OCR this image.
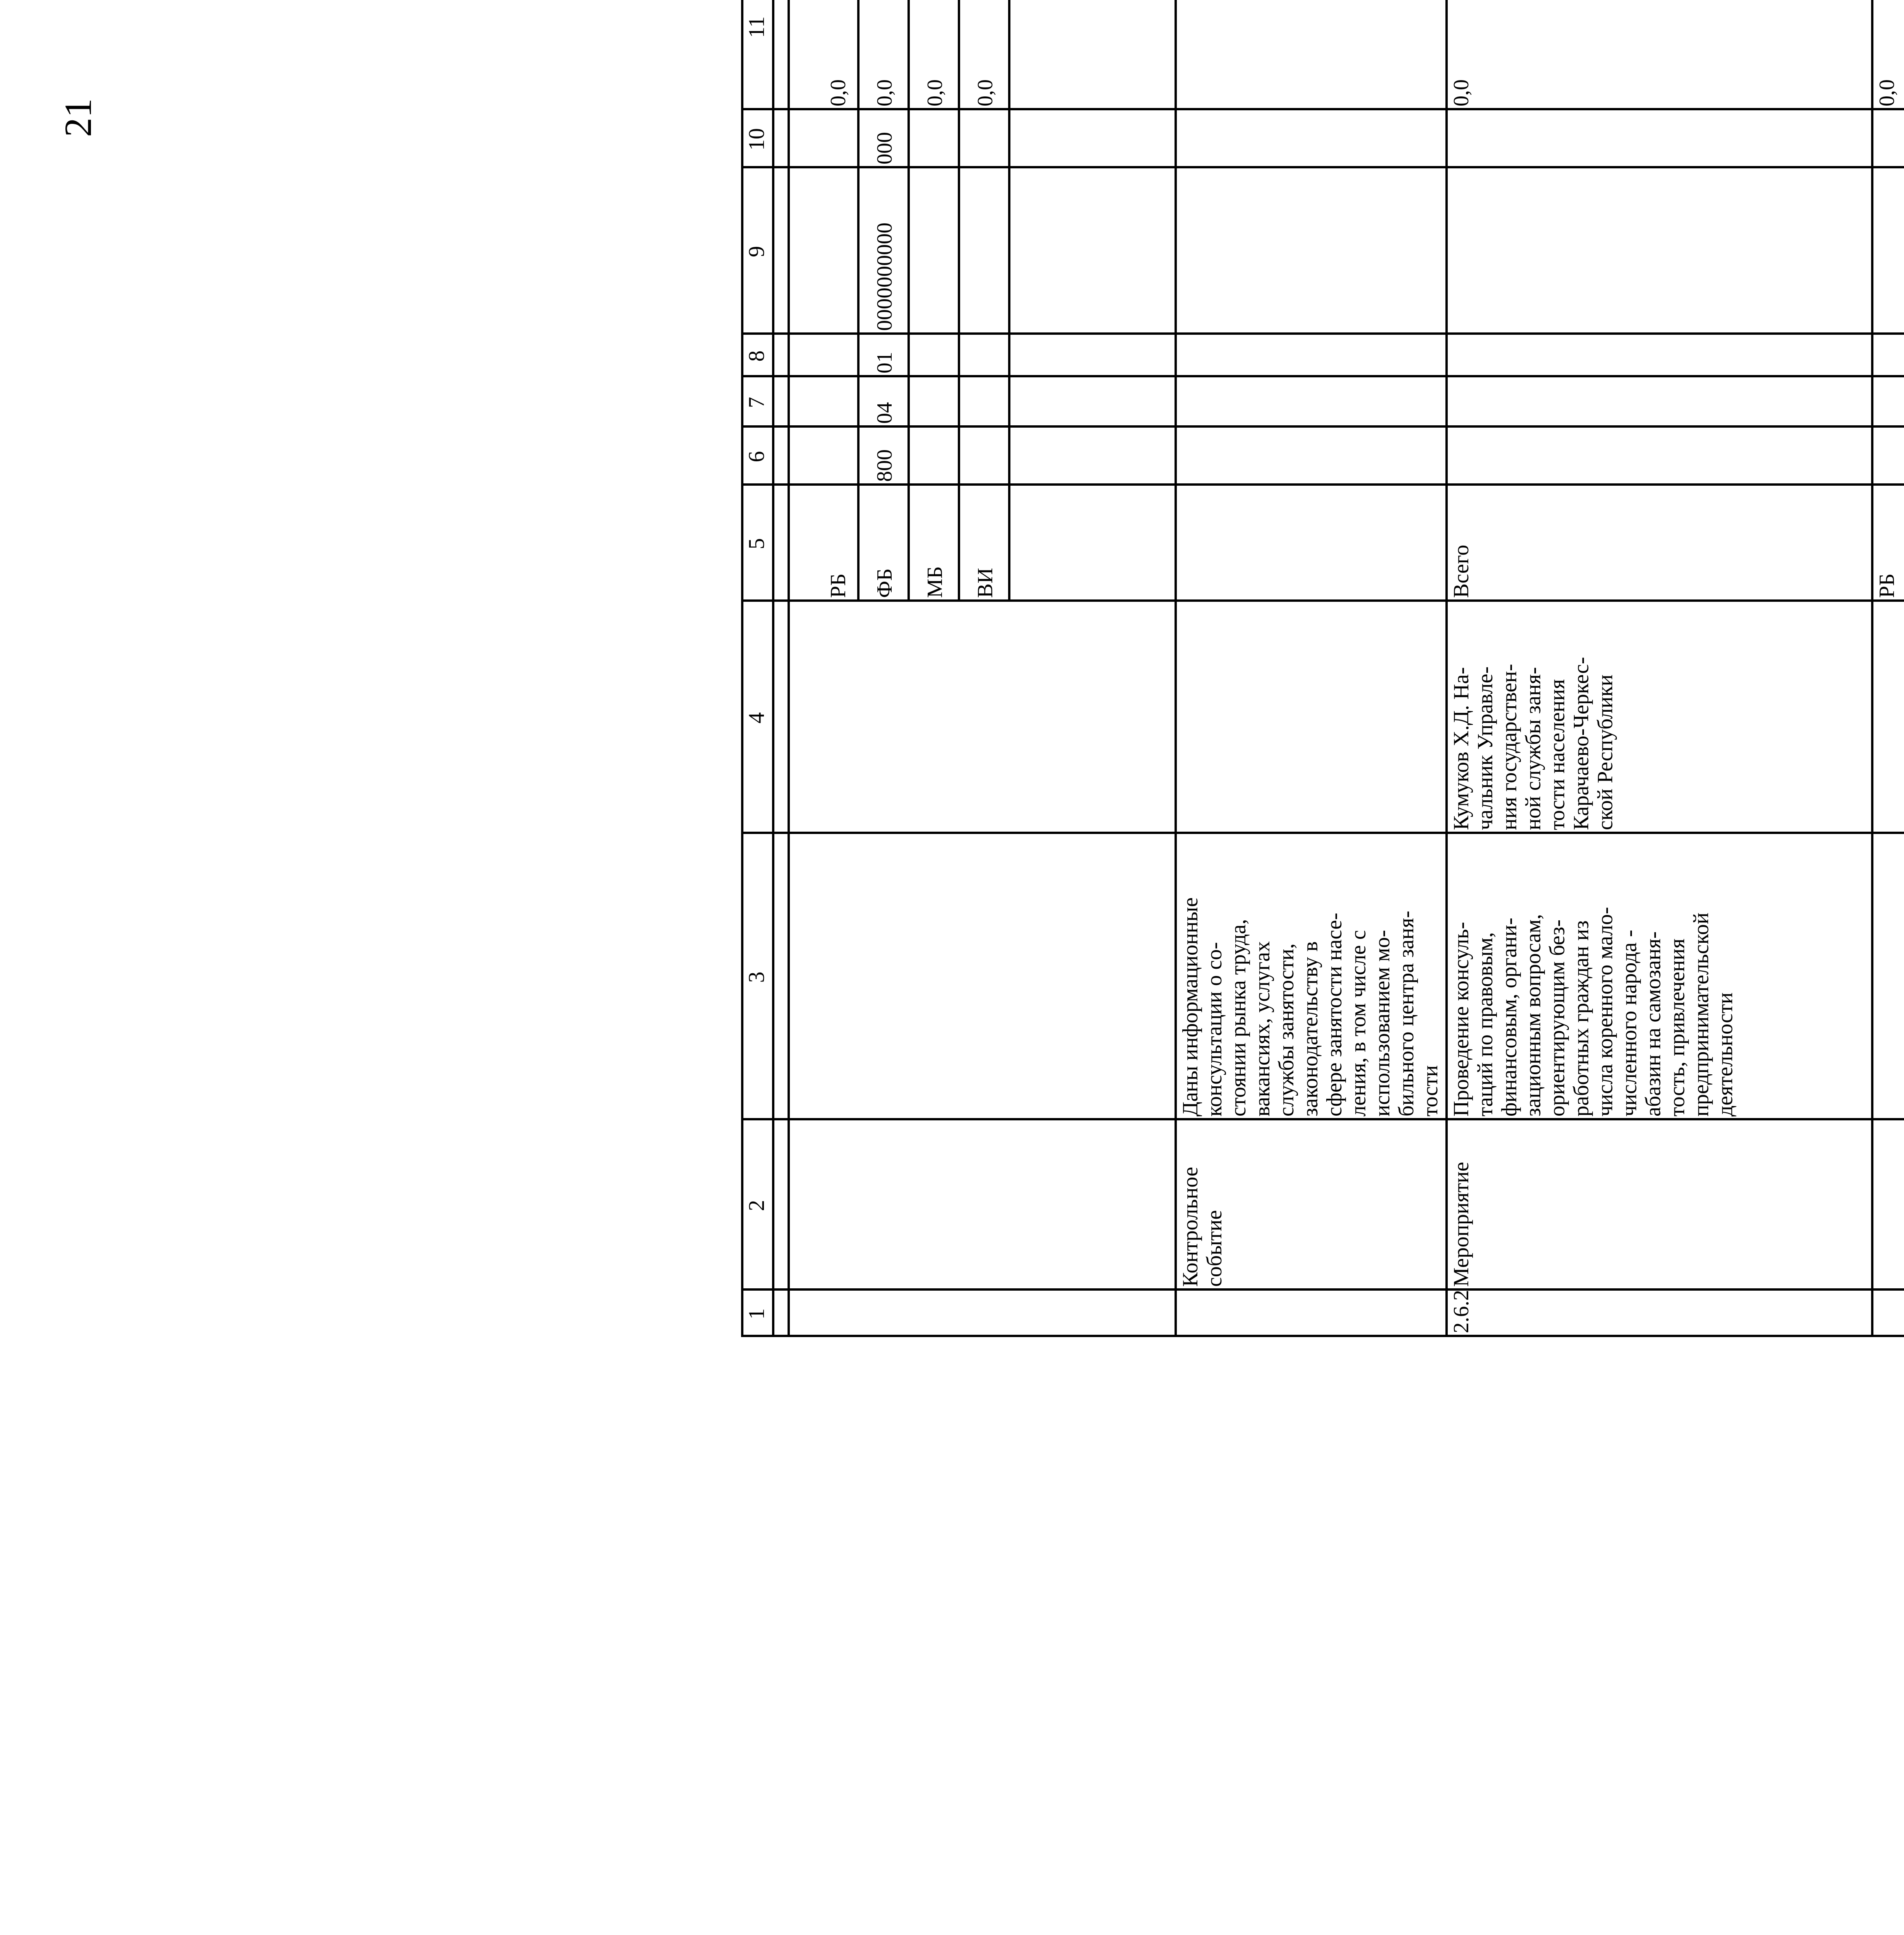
21
1
2
3
4
5
6
7
8
9
10
11
РБ
0,0
ФБ
800
04
01
0000000000
000
0,0
МБ
0,0
ВИ
0,0
Контрольное
событие
Даны информационные
консультации о со-
стоянии рынка труда,
вакансиях, услугах
службы занятости,
законодательству в
сфере занятости насе-
ления, в том числе с
использованием мо-
бильного центра заня-
тости
2.6.2
Мероприятие
Проведение консуль-
таций по правовым,
финансовым, органи-
зационным вопросам,
ориентирующим без-
работных граждан из
числа коренного мало-
численного народа -
абазин на самозаня-
тость, привлечения
предпринимательской
деятельности
Кумуков Х.Д. На-
чальник Управле-
ния государствен-
ной службы заня-
тости населения
Карачаево-Черкес-
ской Республики
Всего
0,0
РБ
0,0
